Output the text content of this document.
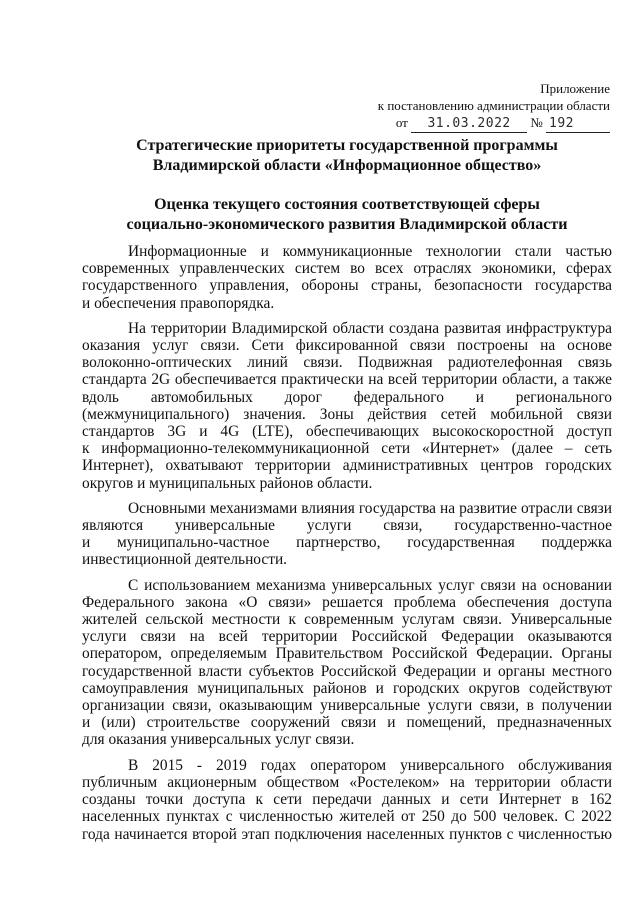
Приложение
к постановлению администрации области
от 31.03.2022 № 192
Стратегические приоритеты государственной программы
Владимирской области «Информационное общество»
Оценка текущего состояния соответствующей сферы
социально-экономического развития Владимирской области
Информационные и коммуникационные технологии стали частью
современных управленческих систем во всех отраслях экономики, сферах
государственного управления, обороны страны, безопасности государства
и обеспечения правопорядка.
На территории Владимирской области создана развитая инфраструктура
оказания услуг связи. Сети фиксированной связи построены на основе
волоконно-оптических линий связи. Подвижная радиотелефонная связь
стандарта 2G обеспечивается практически на всей территории области, а также
вдоль автомобильных дорог федерального и регионального
(межмуниципального) значения. Зоны действия сетей мобильной связи
стандартов 3G и 4G (LTE), обеспечивающих высокоскоростной доступ
к информационно-телекоммуникационной сети «Интернет» (далее – сеть
Интернет), охватывают территории административных центров городских
округов и муниципальных районов области.
Основными механизмами влияния государства на развитие отрасли связи
являются универсальные услуги связи, государственно-частное
и муниципально-частное партнерство, государственная поддержка
инвестиционной деятельности.
С использованием механизма универсальных услуг связи на основании
Федерального закона «О связи» решается проблема обеспечения доступа
жителей сельской местности к современным услугам связи. Универсальные
услуги связи на всей территории Российской Федерации оказываются
оператором, определяемым Правительством Российской Федерации. Органы
государственной власти субъектов Российской Федерации и органы местного
самоуправления муниципальных районов и городских округов содействуют
организации связи, оказывающим универсальные услуги связи, в получении
и (или) строительстве сооружений связи и помещений, предназначенных
для оказания универсальных услуг связи.
В 2015 - 2019 годах оператором универсального обслуживания
публичным акционерным обществом «Ростелеком» на территории области
созданы точки доступа к сети передачи данных и сети Интернет в 162
населенных пунктах с численностью жителей от 250 до 500 человек. С 2022
года начинается второй этап подключения населенных пунктов с численностью
